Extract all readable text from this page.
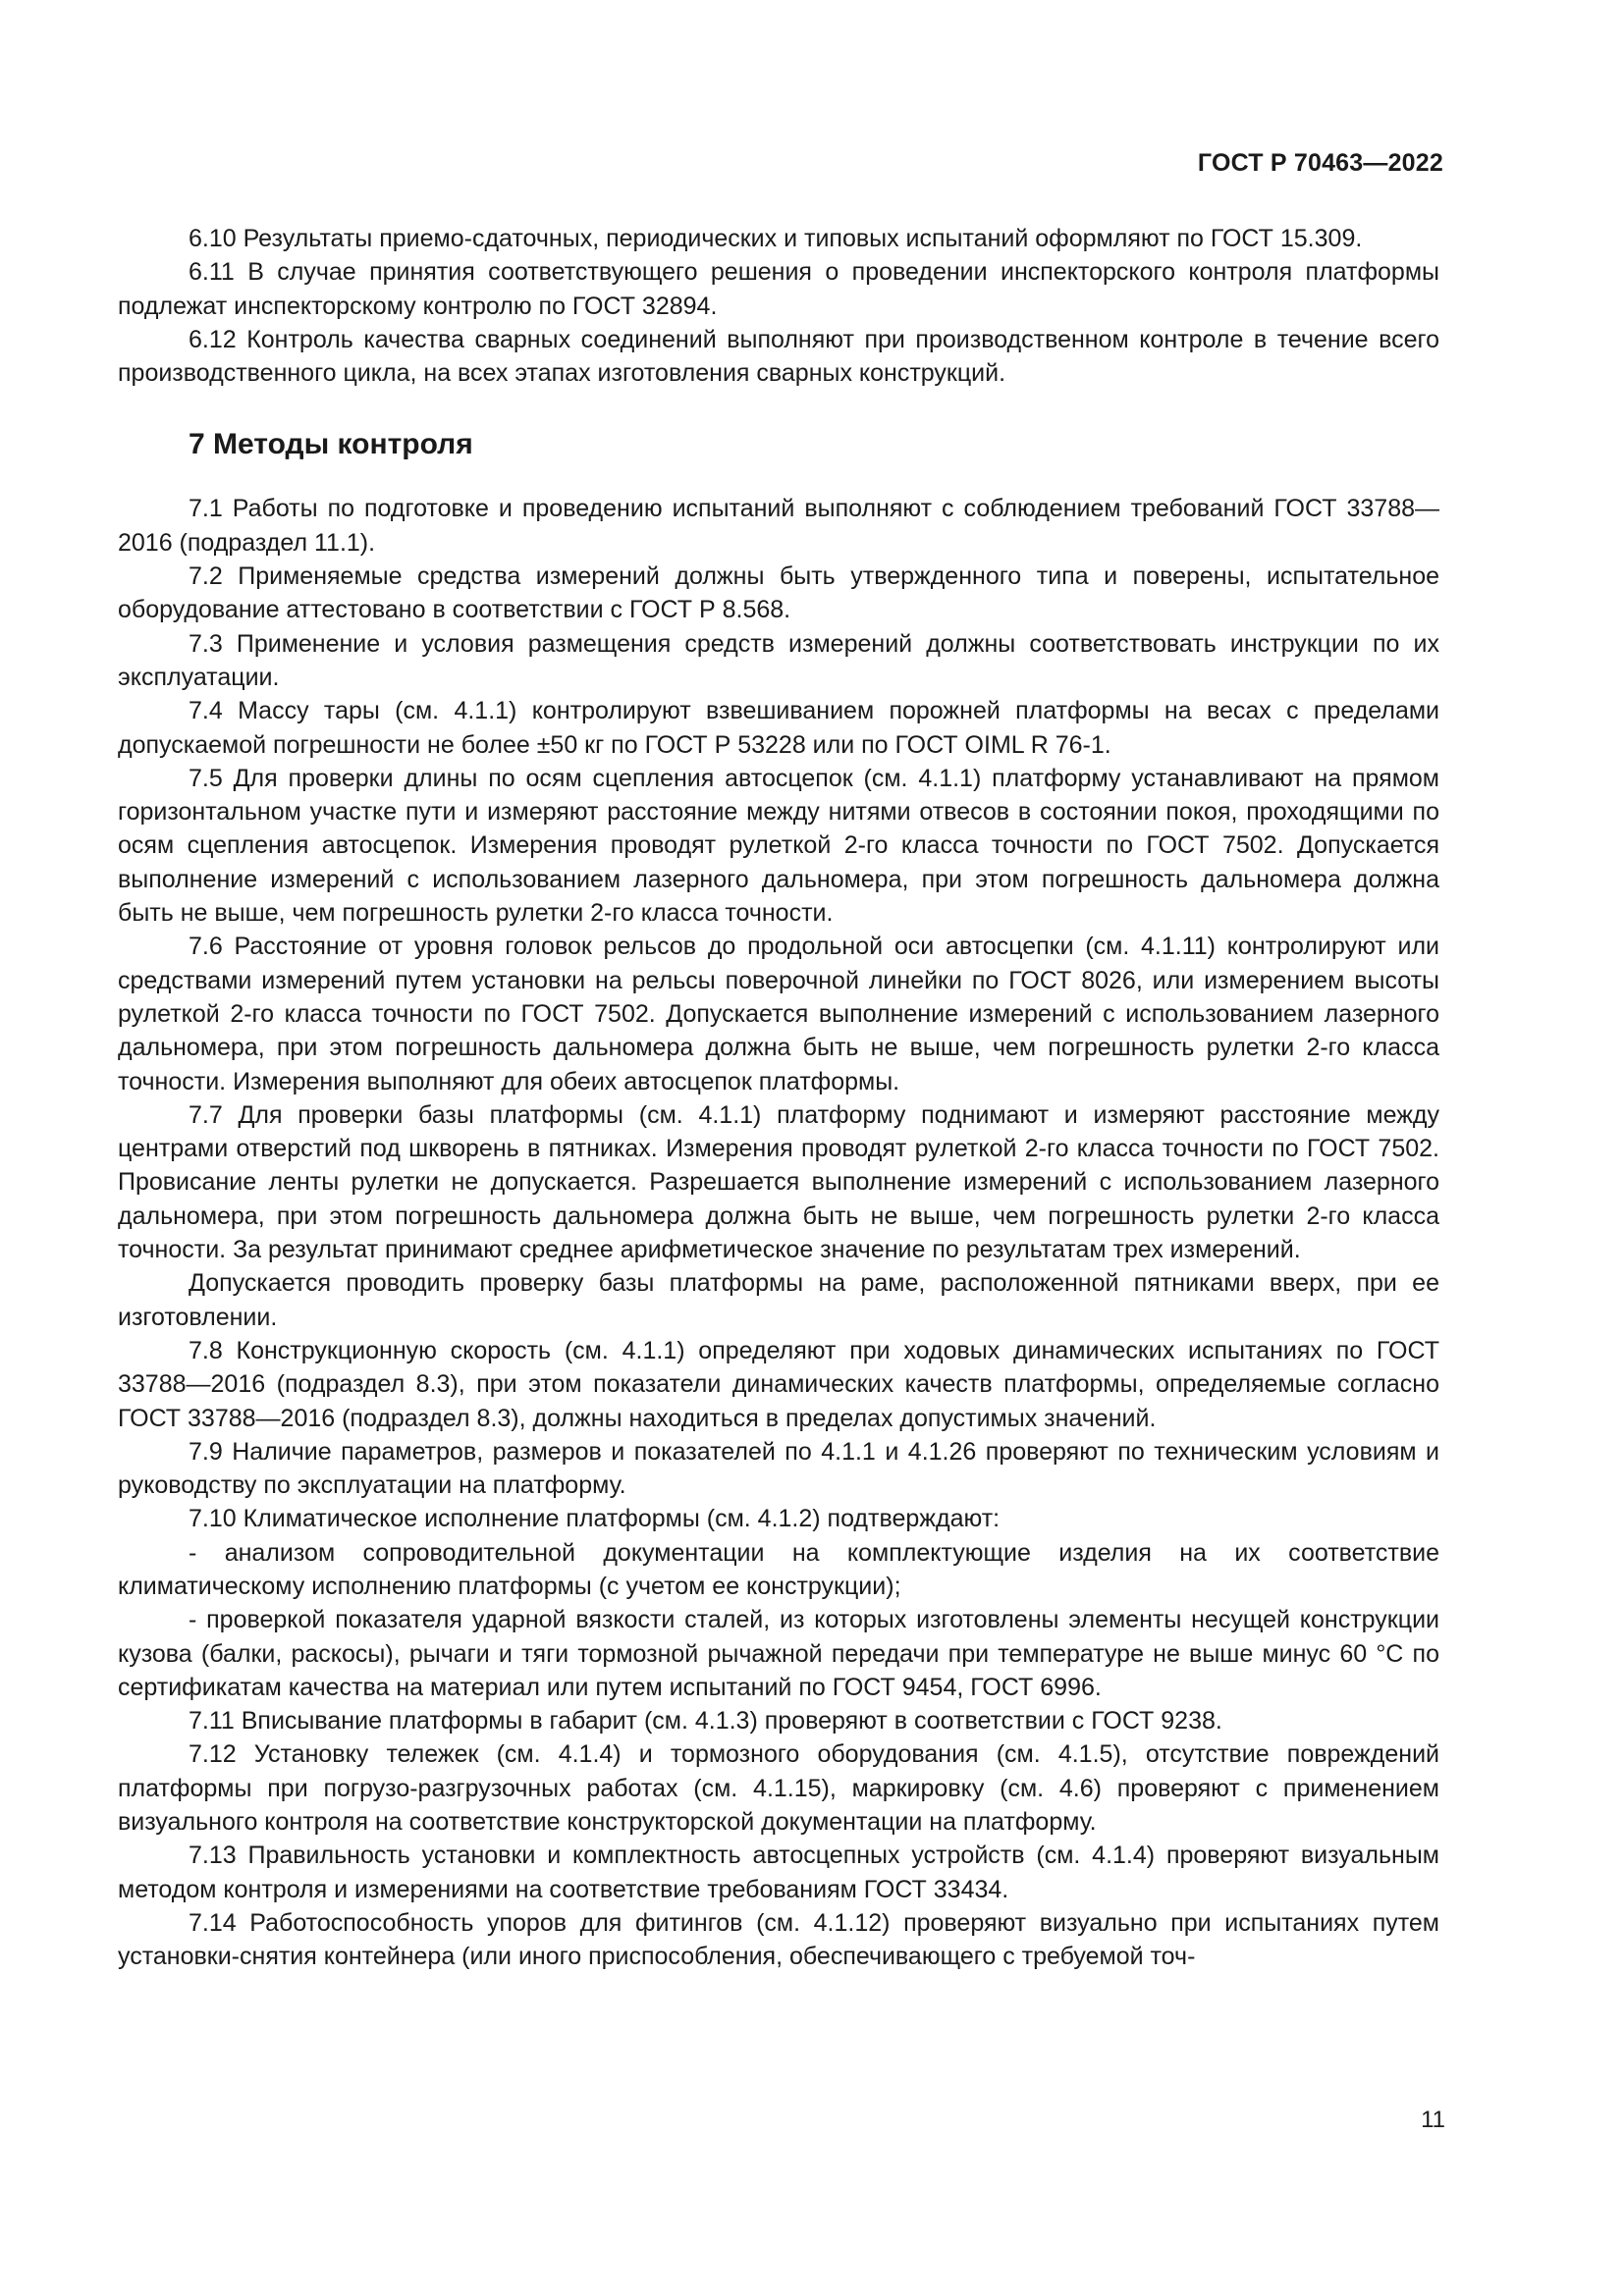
ГОСТ Р 70463—2022

6.10 Результаты приемо-сдаточных, периодических и типовых испытаний оформляют по ГОСТ 15.309.

6.11 В случае принятия соответствующего решения о проведении инспекторского контроля платформы подлежат инспекторскому контролю по ГОСТ 32894.

6.12 Контроль качества сварных соединений выполняют при производственном контроле в течение всего производственного цикла, на всех этапах изготовления сварных конструкций.

7 Методы контроля

7.1 Работы по подготовке и проведению испытаний выполняют с соблюдением требований ГОСТ 33788—2016 (подраздел 11.1).

7.2 Применяемые средства измерений должны быть утвержденного типа и поверены, испытательное оборудование аттестовано в соответствии с ГОСТ Р 8.568.

7.3 Применение и условия размещения средств измерений должны соответствовать инструкции по их эксплуатации.

7.4 Массу тары (см. 4.1.1) контролируют взвешиванием порожней платформы на весах с пределами допускаемой погрешности не более ±50 кг по ГОСТ Р 53228 или по ГОСТ OIML R 76-1.

7.5 Для проверки длины по осям сцепления автосцепок (см. 4.1.1) платформу устанавливают на прямом горизонтальном участке пути и измеряют расстояние между нитями отвесов в состоянии покоя, проходящими по осям сцепления автосцепок. Измерения проводят рулеткой 2-го класса точности по ГОСТ 7502. Допускается выполнение измерений с использованием лазерного дальномера, при этом погрешность дальномера должна быть не выше, чем погрешность рулетки 2-го класса точности.

7.6 Расстояние от уровня головок рельсов до продольной оси автосцепки (см. 4.1.11) контролируют или средствами измерений путем установки на рельсы поверочной линейки по ГОСТ 8026, или измерением высоты рулеткой 2-го класса точности по ГОСТ 7502. Допускается выполнение измерений с использованием лазерного дальномера, при этом погрешность дальномера должна быть не выше, чем погрешность рулетки 2-го класса точности. Измерения выполняют для обеих автосцепок платформы.

7.7 Для проверки базы платформы (см. 4.1.1) платформу поднимают и измеряют расстояние между центрами отверстий под шкворень в пятниках. Измерения проводят рулеткой 2-го класса точности по ГОСТ 7502. Провисание ленты рулетки не допускается. Разрешается выполнение измерений с использованием лазерного дальномера, при этом погрешность дальномера должна быть не выше, чем погрешность рулетки 2-го класса точности. За результат принимают среднее арифметическое значение по результатам трех измерений.

Допускается проводить проверку базы платформы на раме, расположенной пятниками вверх, при ее изготовлении.

7.8 Конструкционную скорость (см. 4.1.1) определяют при ходовых динамических испытаниях по ГОСТ 33788—2016 (подраздел 8.3), при этом показатели динамических качеств платформы, определяемые согласно ГОСТ 33788—2016 (подраздел 8.3), должны находиться в пределах допустимых значений.

7.9 Наличие параметров, размеров и показателей по 4.1.1 и 4.1.26 проверяют по техническим условиям и руководству по эксплуатации на платформу.

7.10 Климатическое исполнение платформы (см. 4.1.2) подтверждают:

- анализом сопроводительной документации на комплектующие изделия на их соответствие климатическому исполнению платформы (с учетом ее конструкции);

- проверкой показателя ударной вязкости сталей, из которых изготовлены элементы несущей конструкции кузова (балки, раскосы), рычаги и тяги тормозной рычажной передачи при температуре не выше минус 60 °С по сертификатам качества на материал или путем испытаний по ГОСТ 9454, ГОСТ 6996.

7.11 Вписывание платформы в габарит (см. 4.1.3) проверяют в соответствии с ГОСТ 9238.

7.12 Установку тележек (см. 4.1.4) и тормозного оборудования (см. 4.1.5), отсутствие повреждений платформы при погрузо-разгрузочных работах (см. 4.1.15), маркировку (см. 4.6) проверяют с применением визуального контроля на соответствие конструкторской документации на платформу.

7.13 Правильность установки и комплектность автосцепных устройств (см. 4.1.4) проверяют визуальным методом контроля и измерениями на соответствие требованиям ГОСТ 33434.

7.14 Работоспособность упоров для фитингов (см. 4.1.12) проверяют визуально при испытаниях путем установки-снятия контейнера (или иного приспособления, обеспечивающего с требуемой точ-

11
